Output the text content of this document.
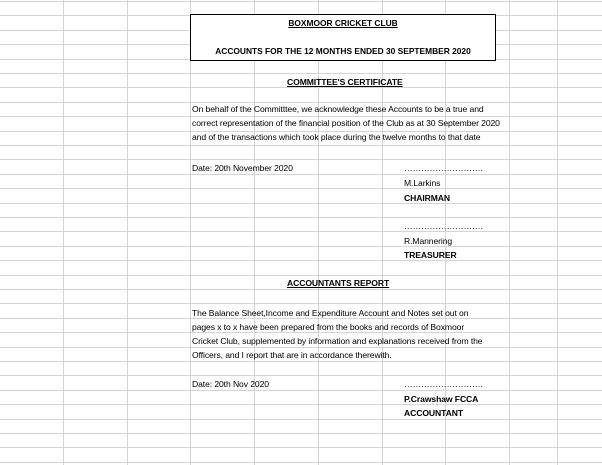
BOXMOOR CRICKET CLUB
ACCOUNTS FOR THE 12 MONTHS ENDED 30 SEPTEMBER 2020
COMMITTEE'S CERTIFICATE
On behalf of the Committtee, we acknowledge these Accounts to be a true and
correct representation of the financial position of the Club as at 30 September 2020
and of the transactions which took place during the twelve months to that date
Date: 20th November 2020	……………………….
M.Larkins
CHAIRMAN
……………………….
R.Mannering
TREASURER
ACCOUNTANTS REPORT
The Balance Sheet,Income and Expenditure Account and Notes set out on
pages x to x have been prepared from the books and records of Boxmoor
Cricket Club, supplemented by information and explanations received from the
Officers, and I report that are in accordance therewith.
Date: 20th Nov 2020	……………………….
P.Crawshaw FCCA
ACCOUNTANT
